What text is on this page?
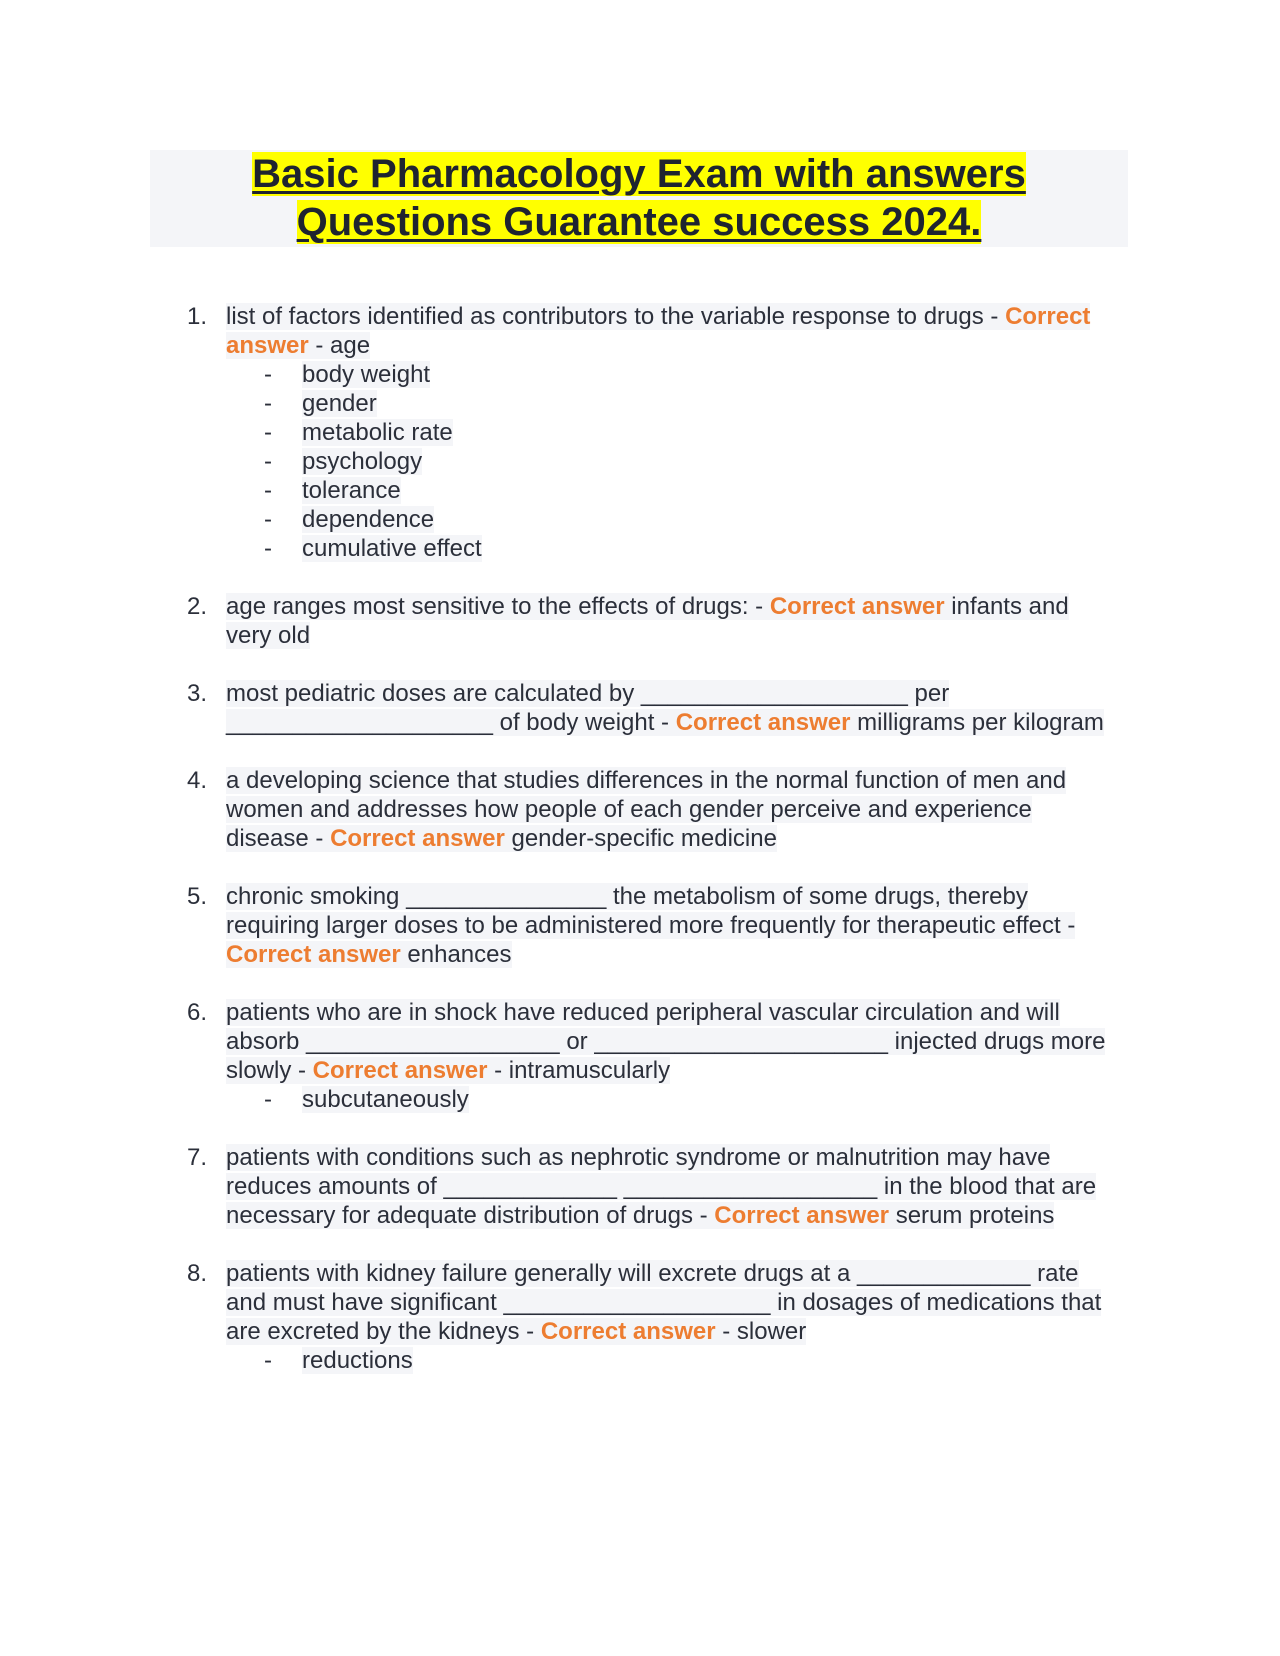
Basic Pharmacology Exam with answers
Questions Guarantee success 2024.
1. list of factors identified as contributors to the variable response to drugs - Correct answer - age
- body weight
- gender
- metabolic rate
- psychology
- tolerance
- dependence
- cumulative effect
2. age ranges most sensitive to the effects of drugs: - Correct answer infants and very old
3. most pediatric doses are calculated by ____________________ per ____________________ of body weight - Correct answer milligrams per kilogram
4. a developing science that studies differences in the normal function of men and women and addresses how people of each gender perceive and experience disease - Correct answer gender-specific medicine
5. chronic smoking _______________ the metabolism of some drugs, thereby requiring larger doses to be administered more frequently for therapeutic effect - Correct answer enhances
6. patients who are in shock have reduced peripheral vascular circulation and will absorb ___________________ or ______________________ injected drugs more slowly - Correct answer - intramuscularly
- subcutaneously
7. patients with conditions such as nephrotic syndrome or malnutrition may have reduces amounts of _____________ ___________________ in the blood that are necessary for adequate distribution of drugs - Correct answer serum proteins
8. patients with kidney failure generally will excrete drugs at a _____________ rate and must have significant ____________________ in dosages of medications that are excreted by the kidneys - Correct answer - slower
- reductions
